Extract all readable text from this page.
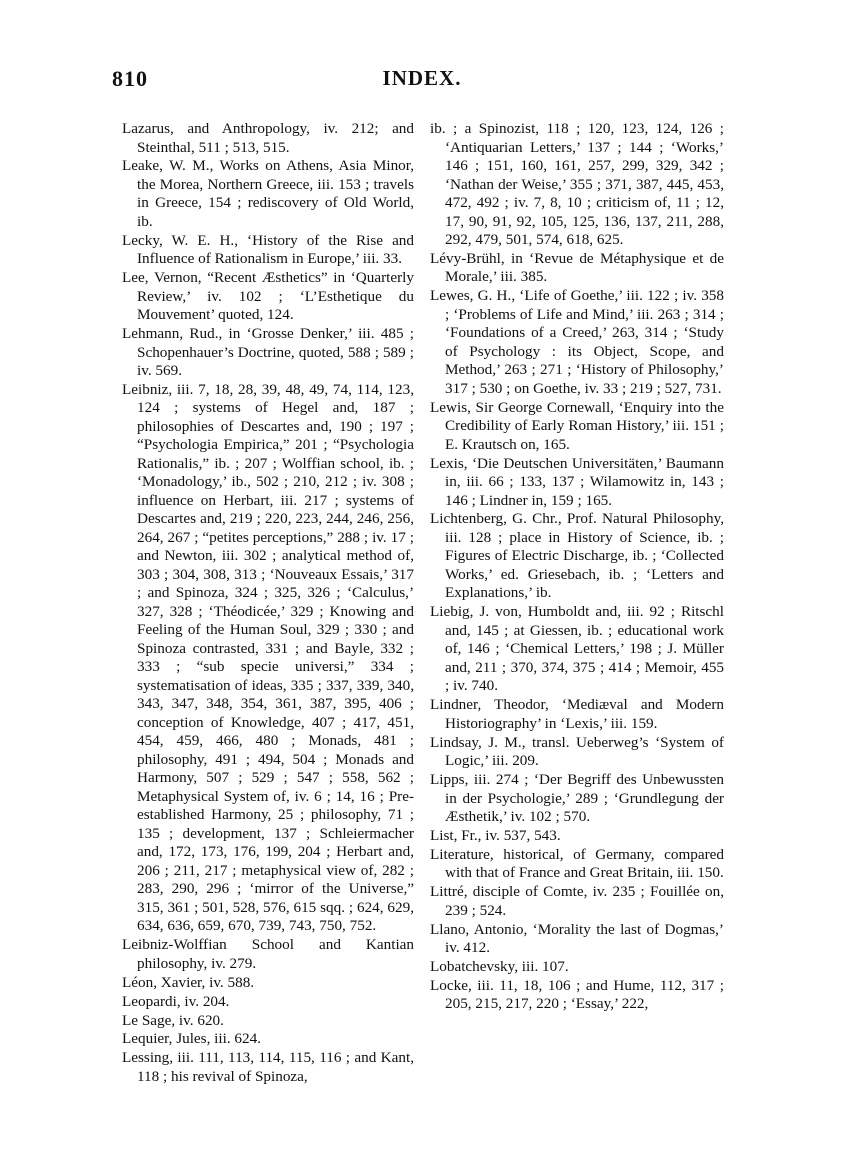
810	INDEX.

Lazarus, and Anthropology, iv. 212; and Steinthal, 511 ; 513, 515.

Leake, W. M., Works on Athens, Asia Minor, the Morea, Northern Greece, iii. 153 ; travels in Greece, 154 ; rediscovery of Old World, ib.

Lecky, W. E. H., ‘History of the Rise and Influence of Rationalism in Europe,’ iii. 33.

Lee, Vernon, “Recent Æsthetics” in ‘Quarterly Review,’ iv. 102 ; ‘L’Esthetique du Mouvement’ quoted, 124.

Lehmann, Rud., in ‘Grosse Denker,’ iii. 485 ; Schopenhauer’s Doctrine, quoted, 588 ; 589 ; iv. 569.

Leibniz, iii. 7, 18, 28, 39, 48, 49, 74, 114, 123, 124 ; systems of Hegel and, 187 ; philosophies of Descartes and, 190 ; 197 ; “Psychologia Empirica,” 201 ; “Psychologia Rationalis,” ib. ; 207 ; Wolffian school, ib. ; ‘Monadology,’ ib., 502 ; 210, 212 ; iv. 308 ; influence on Herbart, iii. 217 ; systems of Descartes and, 219 ; 220, 223, 244, 246, 256, 264, 267 ; “petites perceptions,” 288 ; iv. 17 ; and Newton, iii. 302 ; analytical method of, 303 ; 304, 308, 313 ; ‘Nouveaux Essais,’ 317 ; and Spinoza, 324 ; 325, 326 ; ‘Calculus,’ 327, 328 ; ‘Théodicée,’ 329 ; Knowing and Feeling of the Human Soul, 329 ; 330 ; and Spinoza contrasted, 331 ; and Bayle, 332 ; 333 ; “sub specie universi,” 334 ; systematisation of ideas, 335 ; 337, 339, 340, 343, 347, 348, 354, 361, 387, 395, 406 ; conception of Knowledge, 407 ; 417, 451, 454, 459, 466, 480 ; Monads, 481 ; philosophy, 491 ; 494, 504 ; Monads and Harmony, 507 ; 529 ; 547 ; 558, 562 ; Metaphysical System of, iv. 6 ; 14, 16 ; Pre-established Harmony, 25 ; philosophy, 71 ; 135 ; development, 137 ; Schleiermacher and, 172, 173, 176, 199, 204 ; Herbart and, 206 ; 211, 217 ; metaphysical view of, 282 ; 283, 290, 296 ; ‘mirror of the Universe,” 315, 361 ; 501, 528, 576, 615 sqq. ; 624, 629, 634, 636, 659, 670, 739, 743, 750, 752.

Leibniz-Wolffian School and Kantian philosophy, iv. 279.

Léon, Xavier, iv. 588.

Leopardi, iv. 204.

Le Sage, iv. 620.

Lequier, Jules, iii. 624.

Lessing, iii. 111, 113, 114, 115, 116 ; and Kant, 118 ; his revival of Spinoza,

ib. ; a Spinozist, 118 ; 120, 123, 124, 126 ; ‘Antiquarian Letters,’ 137 ; 144 ; ‘Works,’ 146 ; 151, 160, 161, 257, 299, 329, 342 ; ‘Nathan der Weise,’ 355 ; 371, 387, 445, 453, 472, 492 ; iv. 7, 8, 10 ; criticism of, 11 ; 12, 17, 90, 91, 92, 105, 125, 136, 137, 211, 288, 292, 479, 501, 574, 618, 625.

Lévy-Brühl, in ‘Revue de Métaphysique et de Morale,’ iii. 385.

Lewes, G. H., ‘Life of Goethe,’ iii. 122 ; iv. 358 ; ‘Problems of Life and Mind,’ iii. 263 ; 314 ; ‘Foundations of a Creed,’ 263, 314 ; ‘Study of Psychology : its Object, Scope, and Method,’ 263 ; 271 ; ‘History of Philosophy,’ 317 ; 530 ; on Goethe, iv. 33 ; 219 ; 527, 731.

Lewis, Sir George Cornewall, ‘Enquiry into the Credibility of Early Roman History,’ iii. 151 ; E. Krautsch on, 165.

Lexis, ‘Die Deutschen Universitäten,’ Baumann in, iii. 66 ; 133, 137 ; Wilamowitz in, 143 ; 146 ; Lindner in, 159 ; 165.

Lichtenberg, G. Chr., Prof. Natural Philosophy, iii. 128 ; place in History of Science, ib. ; Figures of Electric Discharge, ib. ; ‘Collected Works,’ ed. Griesebach, ib. ; ‘Letters and Explanations,’ ib.

Liebig, J. von, Humboldt and, iii. 92 ; Ritschl and, 145 ; at Giessen, ib. ; educational work of, 146 ; ‘Chemical Letters,’ 198 ; J. Müller and, 211 ; 370, 374, 375 ; 414 ; Memoir, 455 ; iv. 740.

Lindner, Theodor, ‘Mediæval and Modern Historiography’ in ‘Lexis,’ iii. 159.

Lindsay, J. M., transl. Ueberweg’s ‘System of Logic,’ iii. 209.

Lipps, iii. 274 ; ‘Der Begriff des Unbewussten in der Psychologie,’ 289 ; ‘Grundlegung der Æsthetik,’ iv. 102 ; 570.

List, Fr., iv. 537, 543.

Literature, historical, of Germany, compared with that of France and Great Britain, iii. 150.

Littré, disciple of Comte, iv. 235 ; Fouillée on, 239 ; 524.

Llano, Antonio, ‘Morality the last of Dogmas,’ iv. 412.

Lobatchevsky, iii. 107.

Locke, iii. 11, 18, 106 ; and Hume, 112, 317 ; 205, 215, 217, 220 ; ‘Essay,’ 222,
